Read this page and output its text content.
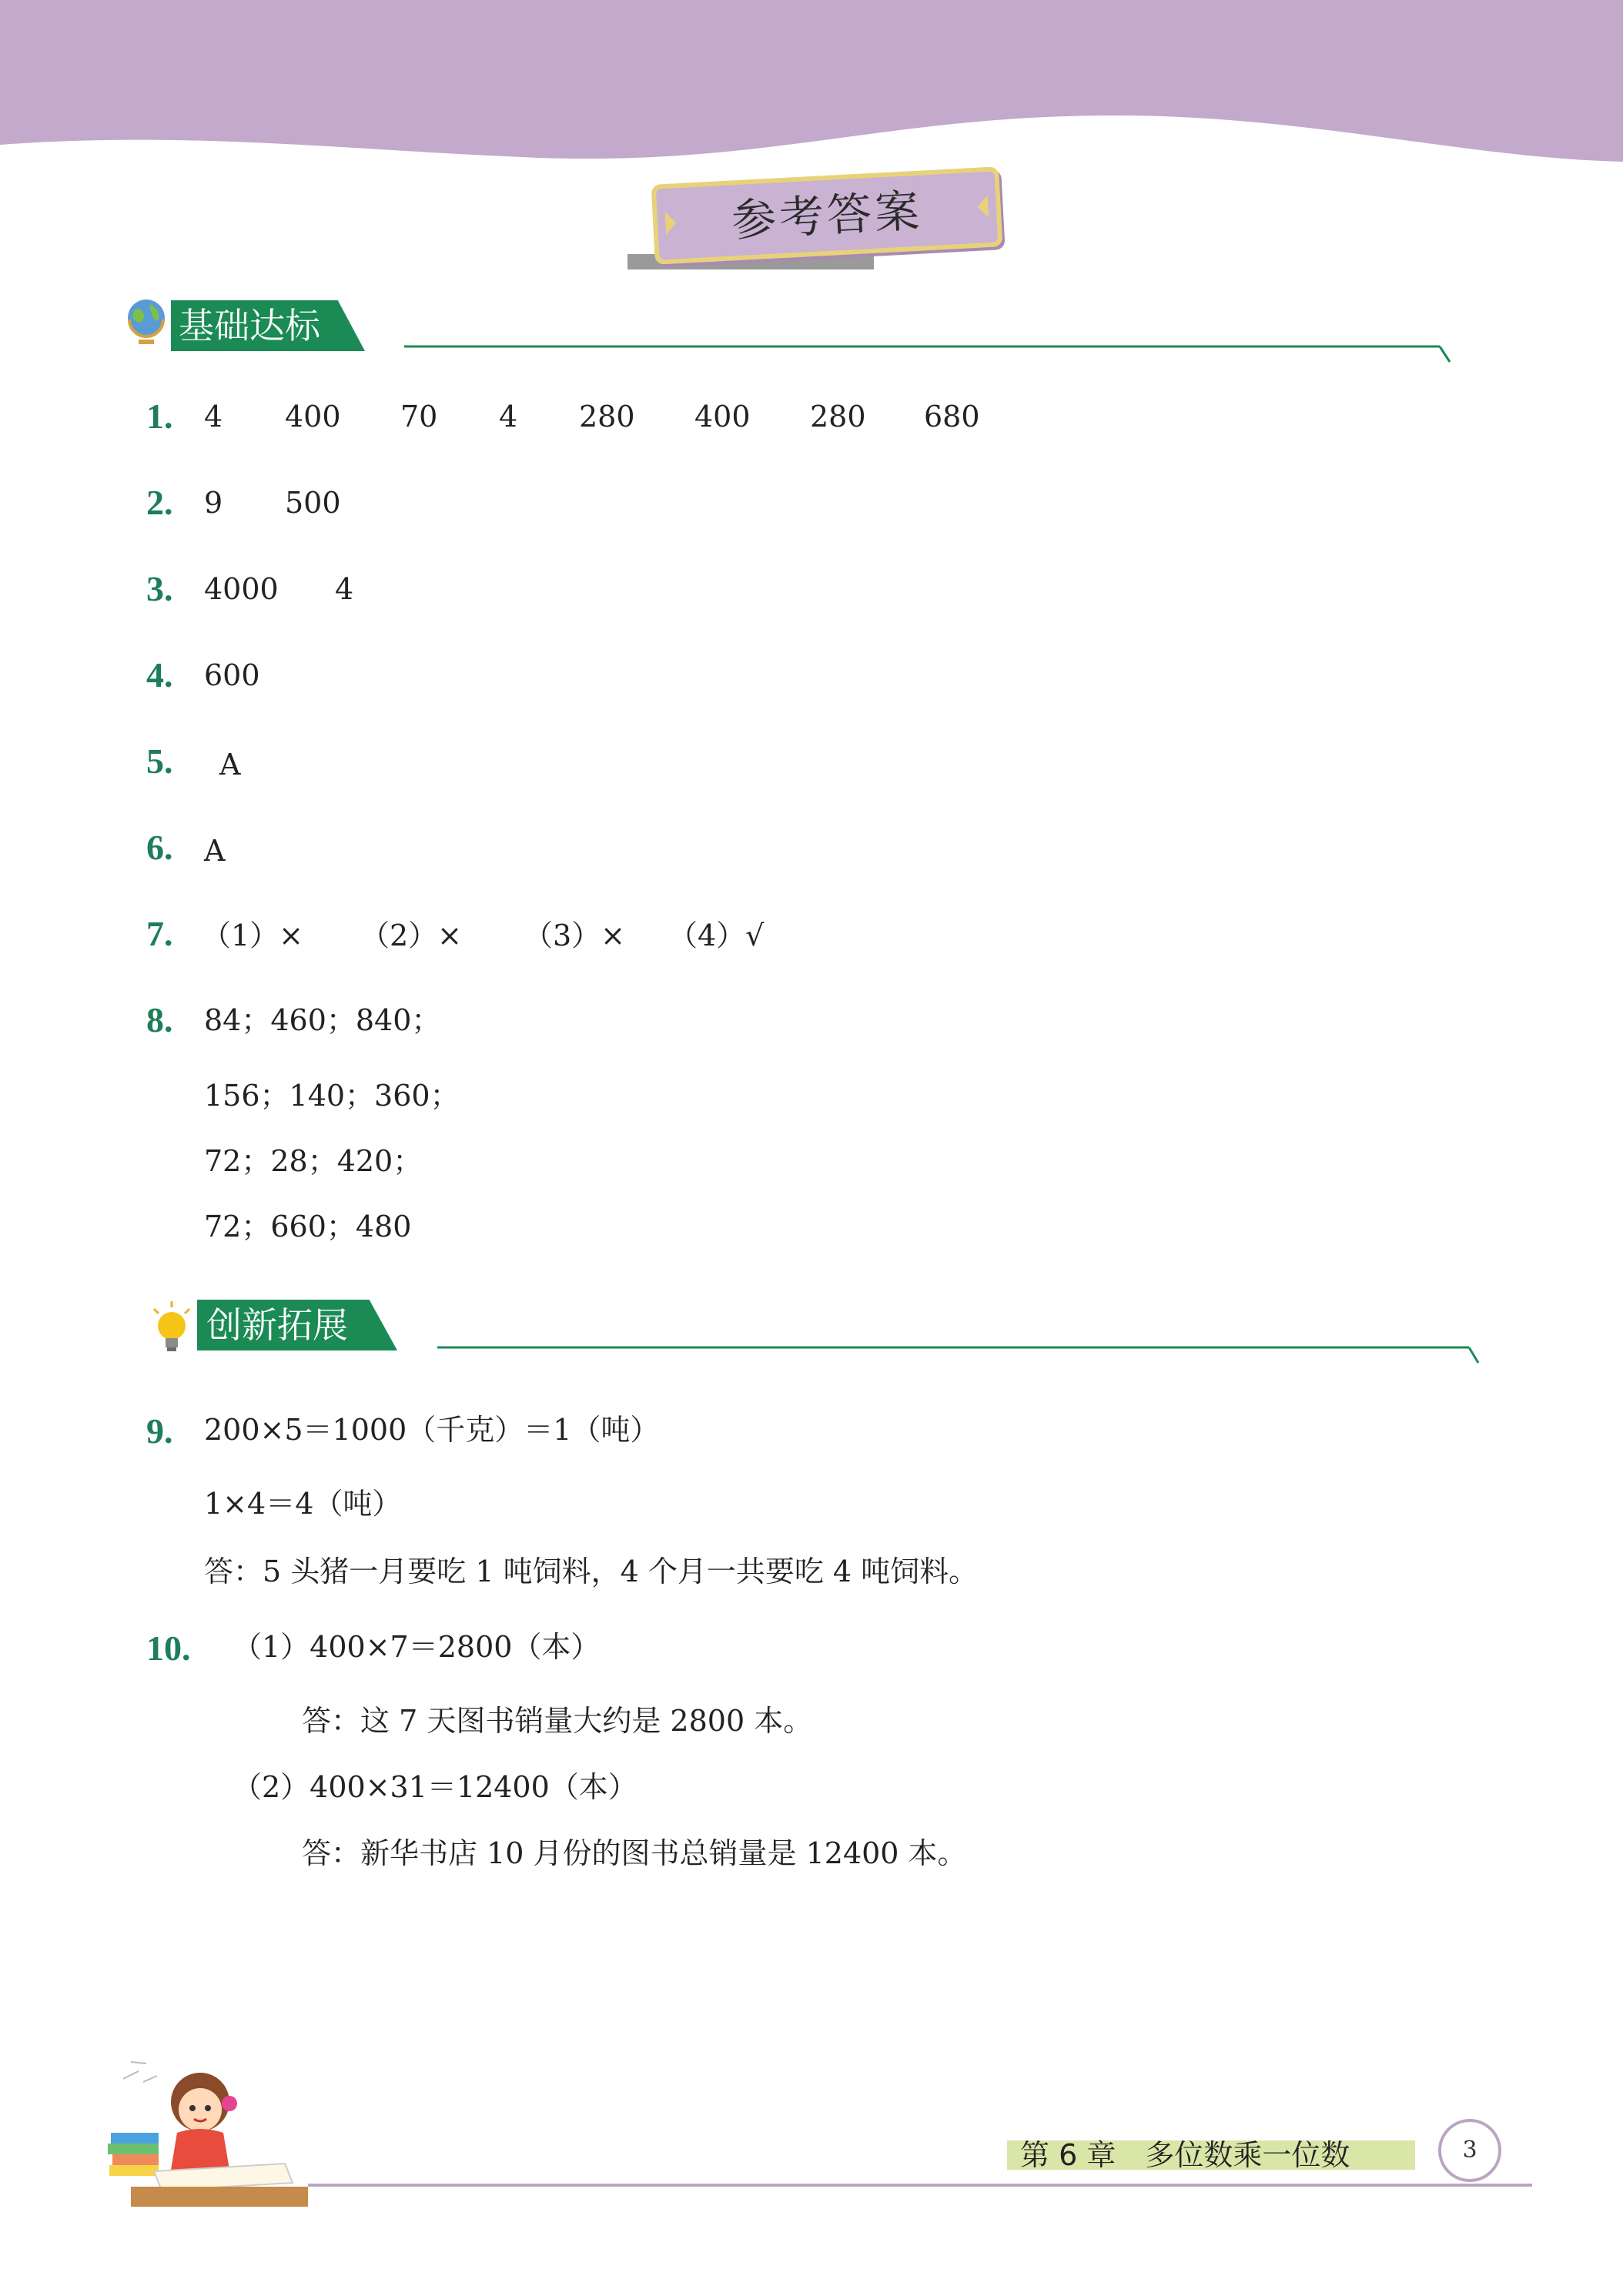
参考答案
基础达标
1. 4 400 70 4 280 400 280 680
2. 9 500
3. 4000 4
4. 600
5. A
6. A
7. （1）× （2）× （3）× （4）√
8. 84；460；840；
156；140；360；
72；28；420；
72；660；480
创新拓展
9. 200×5＝1000（千克）＝1（吨）
1×4＝4（吨）
答：5 头猪一月要吃 1 吨饲料，4 个月一共要吃 4 吨饲料。
10. （1）400×7＝2800（本）
答：这 7 天图书销量大约是 2800 本。
（2）400×31＝12400（本）
答：新华书店 10 月份的图书总销量是 12400 本。
第 6 章　多位数乘一位数	3
